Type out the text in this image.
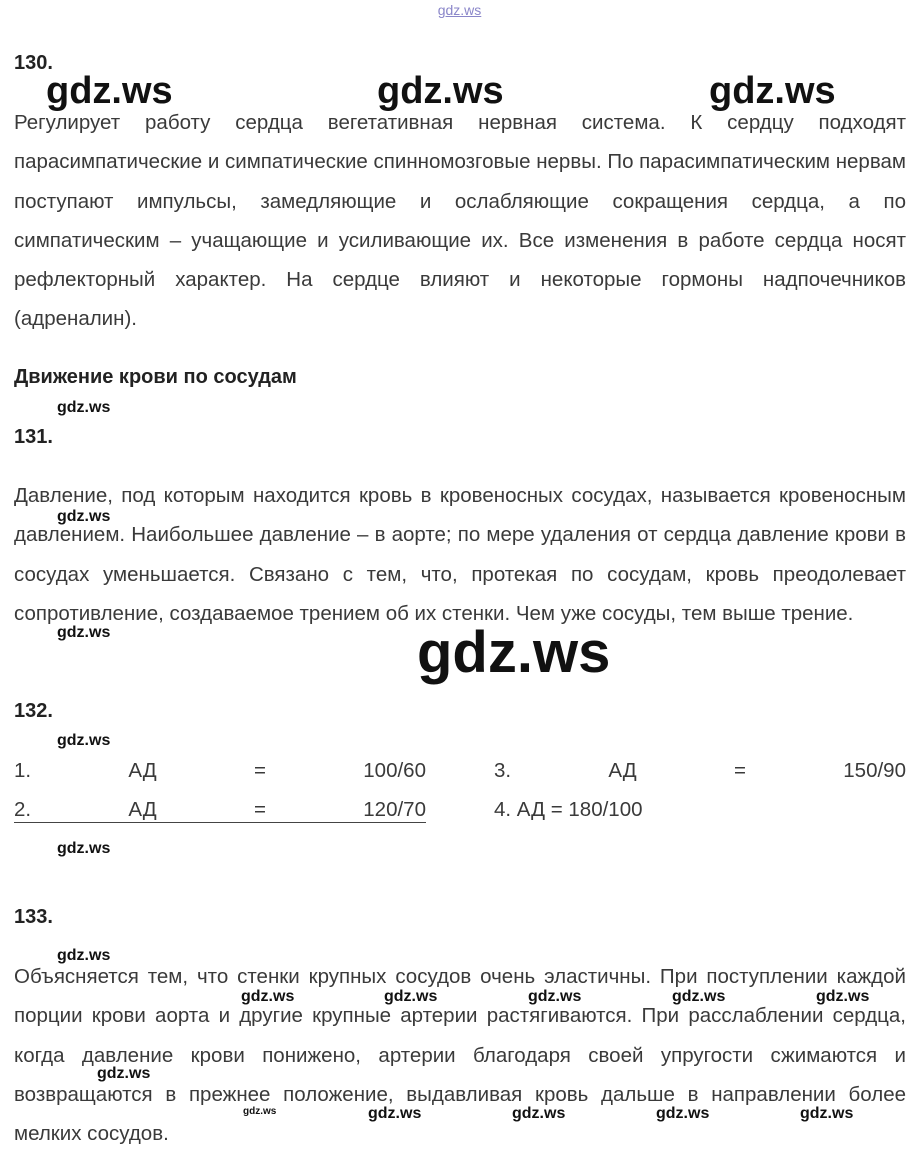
gdz.ws
gdz.ws	gdz.ws	gdz.ws
130.

Регулирует работу сердца вегетативная нервная система. К сердцу подходят парасимпатические и симпатические спинномозговые нервы. По парасимпатическим нервам поступают импульсы, замедляющие и ослабляющие сокращения сердца, а по симпатическим – учащающие и усиливающие их. Все изменения в работе сердца носят рефлекторный характер. На сердце влияют и некоторые гормоны надпочечников (адреналин).

Движение крови по сосудам
gdz.ws
131.

Давление, под которым находится кровь в кровеносных сосудах, называется кровеносным давлением. Наибольшее давление – в аорте; по мере удаления от сердца давление крови в сосудах уменьшается. Связано с тем, что, протекая по сосудам, кровь преодолевает сопротивление, создаваемое трением об их стенки. Чем уже сосуды, тем выше трение.

gdz.ws
gdz.ws	gdz.ws
132.
gdz.ws
1.	АД	=	100/60	3.	АД	=	150/90
2.	АД	=	120/70	4. АД = 180/100
gdz.ws
133.
gdz.ws

Объясняется тем, что стенки крупных сосудов очень эластичны. При поступлении каждой порции крови аорта и другие крупные артерии растягиваются. При расслаблении сердца, когда давление крови понижено, артерии благодаря своей упругости сжимаются и возвращаются в прежнее положение, выдавливая кровь дальше в направлении более мелких сосудов.

gdz.ws	gdz.ws	gdz.ws	gdz.ws	gdz.ws
gdz.ws
gdz.ws	gdz.ws	gdz.ws	gdz.ws	gdz.ws
